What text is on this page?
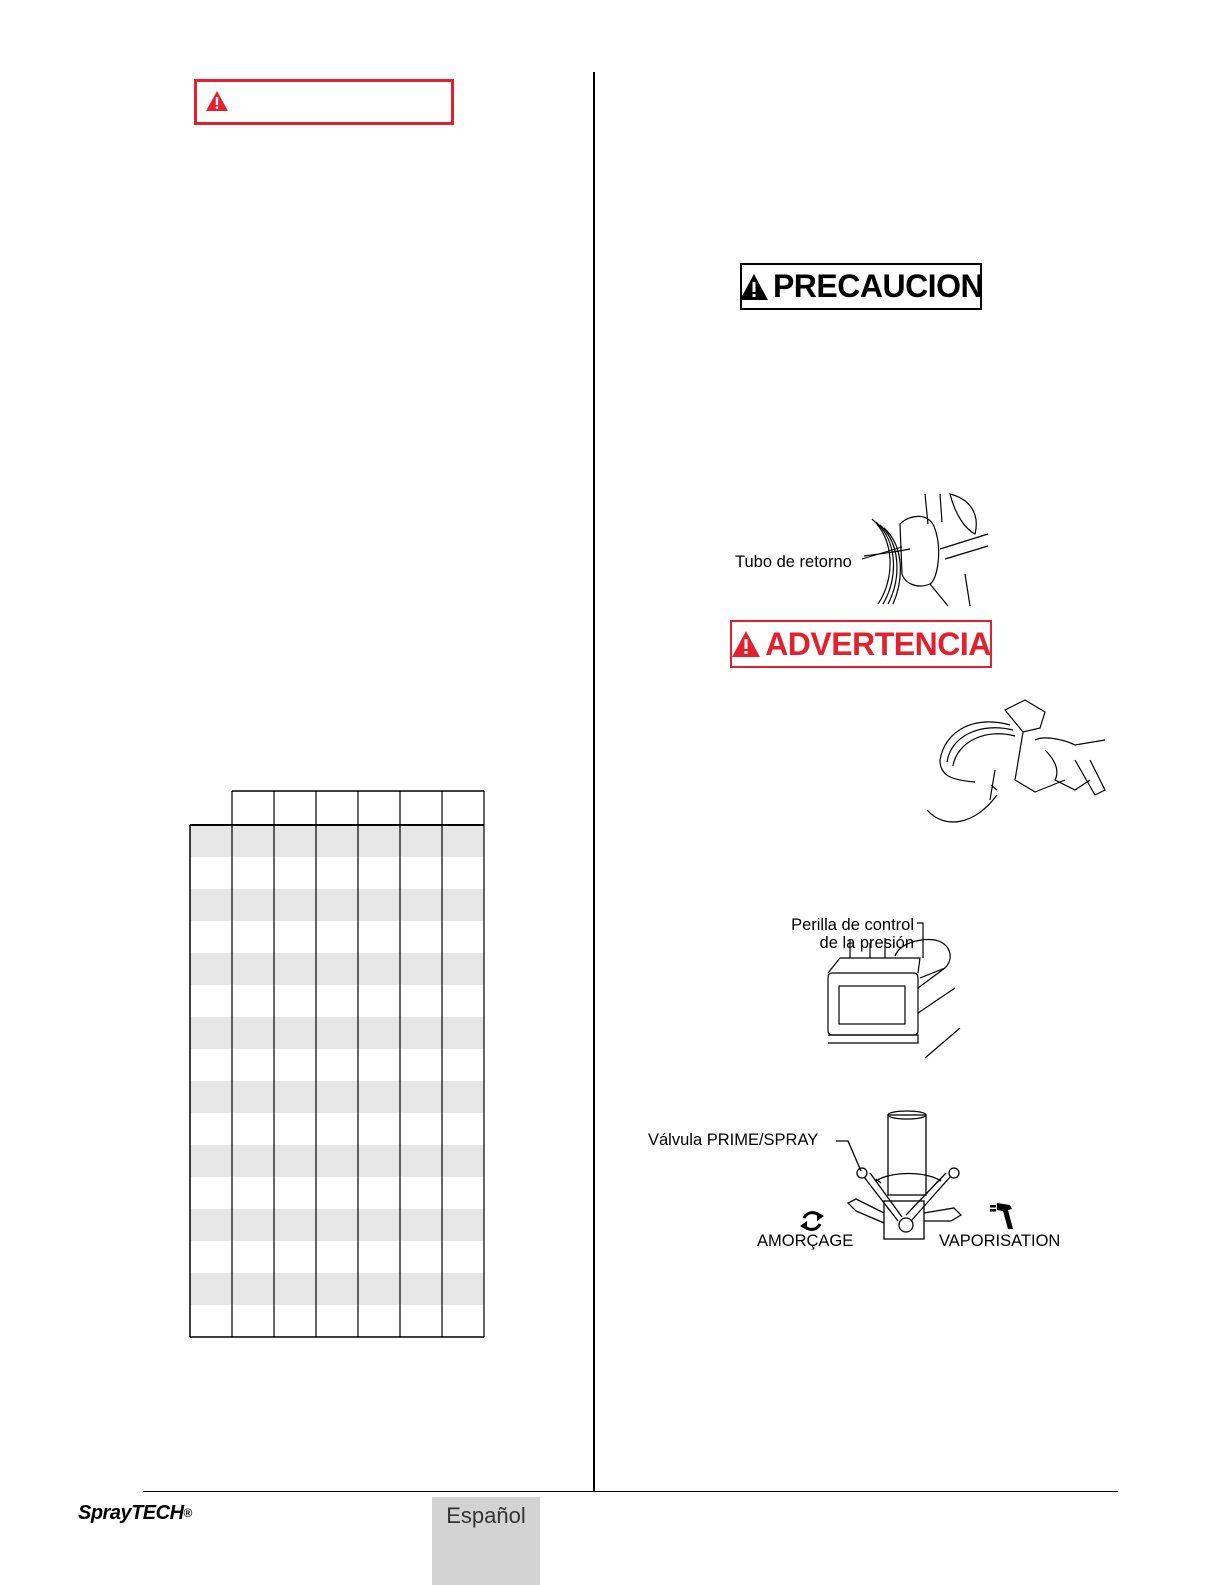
PRECAUCION
Tubo de retorno
ADVERTENCIA
Perilla de control
de la presión
Válvula PRIME/SPRAY
AMORÇAGE	VAPORISATION
SprayTECH®	Español
